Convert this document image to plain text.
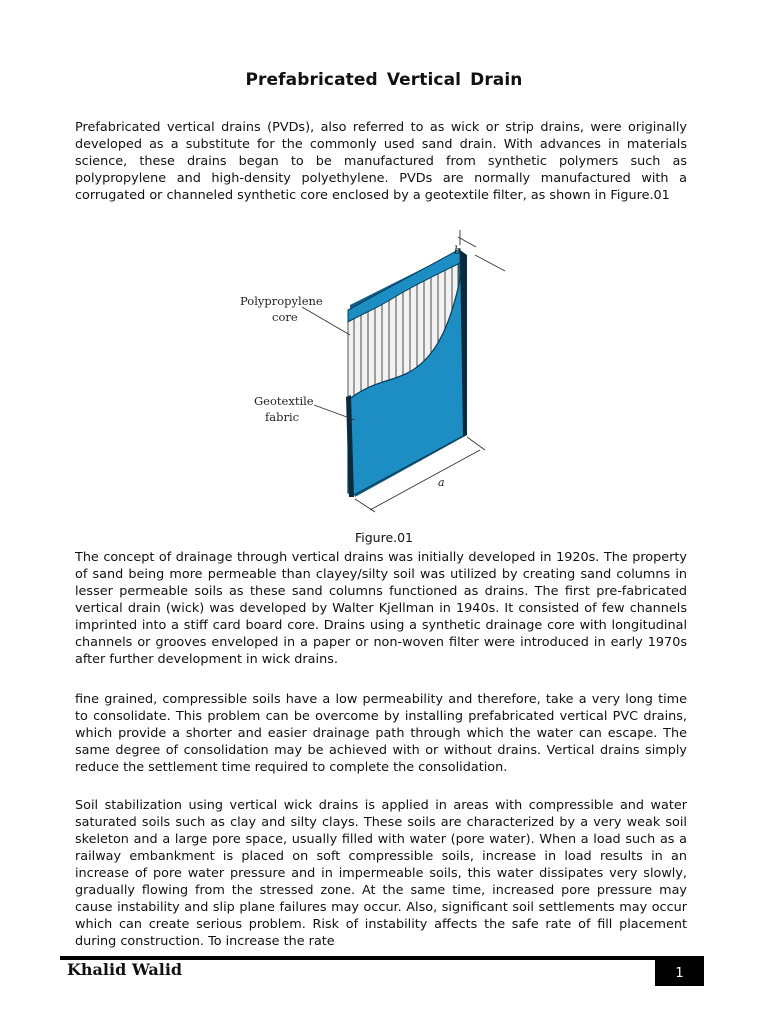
Prefabricated Vertical Drain

Prefabricated vertical drains (PVDs), also referred to as wick or strip drains, were originally developed as a substitute for the commonly used sand drain. With advances in materials science, these drains began to be manufactured from synthetic polymers such as polypropylene and high-density polyethylene. PVDs are normally manufactured with a corrugated or channeled synthetic core enclosed by a geotextile filter, as shown in Figure.01

Polypropylene
core
Geotextile
fabric
b
a
Figure.01

The concept of drainage through vertical drains was initially developed in 1920s. The property of sand being more permeable than clayey/silty soil was utilized by creating sand columns in lesser permeable soils as these sand columns functioned as drains. The first pre-fabricated vertical drain (wick) was developed by Walter Kjellman in 1940s. It consisted of few channels imprinted into a stiff card board core. Drains using a synthetic drainage core with longitudinal channels or grooves enveloped in a paper or non-woven filter were introduced in early 1970s after further development in wick drains.

fine grained, compressible soils have a low permeability and therefore, take a very long time to consolidate. This problem can be overcome by installing prefabricated vertical PVC drains, which provide a shorter and easier drainage path through which the water can escape. The same degree of consolidation may be achieved with or without drains. Vertical drains simply reduce the settlement time required to complete the consolidation.

Soil stabilization using vertical wick drains is applied in areas with compressible and water saturated soils such as clay and silty clays. These soils are characterized by a very weak soil skeleton and a large pore space, usually filled with water (pore water). When a load such as a railway embankment is placed on soft compressible soils, increase in load results in an increase of pore water pressure and in impermeable soils, this water dissipates very slowly, gradually flowing from the stressed zone. At the same time, increased pore pressure may cause instability and slip plane failures may occur. Also, significant soil settlements may occur which can create serious problem. Risk of instability affects the safe rate of fill placement during construction. To increase the rate

Khalid Walid	1
